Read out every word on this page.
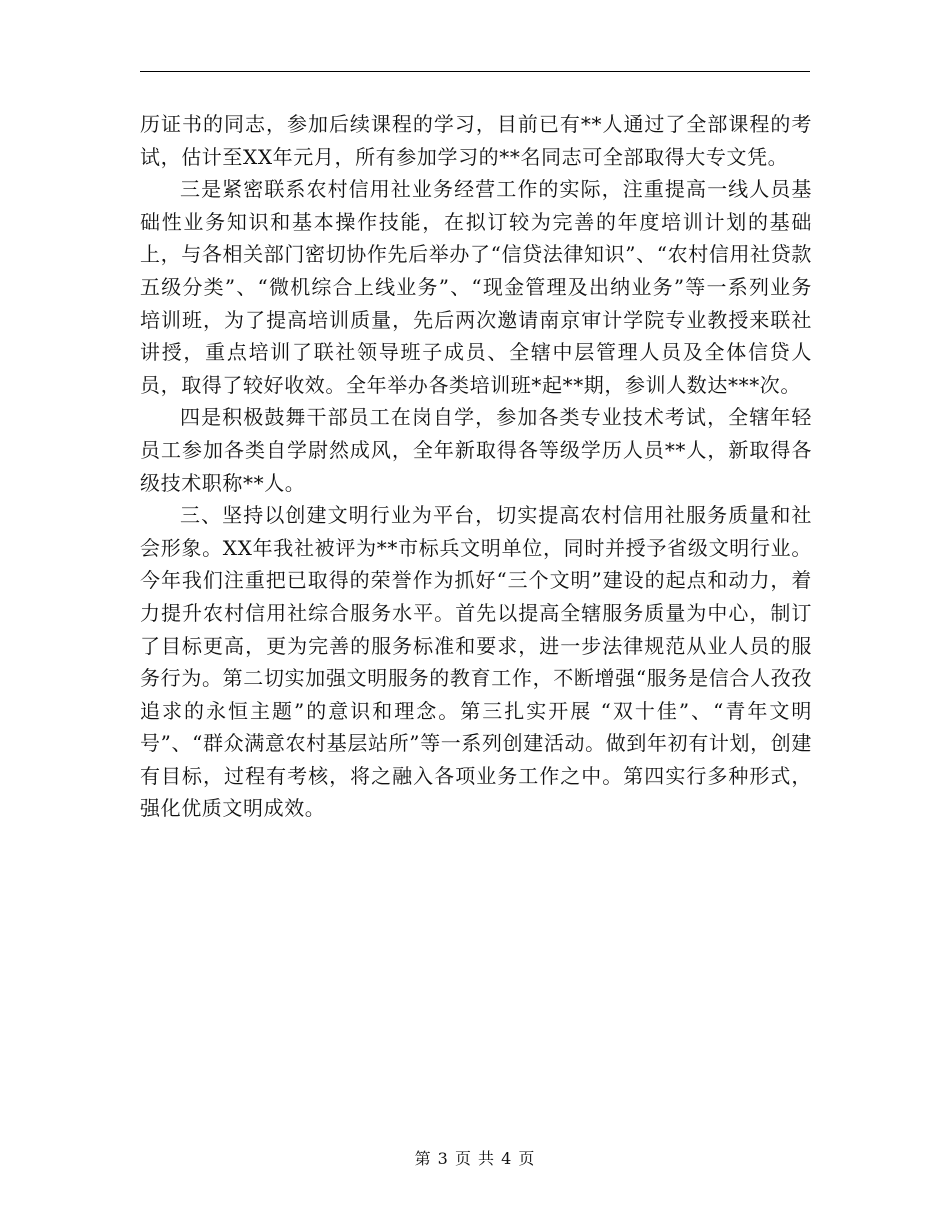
历证书的同志，参加后续课程的学习，目前已有**人通过了全部课程的考试，估计至XX年元月，所有参加学习的**名同志可全部取得大专文凭。

三是紧密联系农村信用社业务经营工作的实际，注重提高一线人员基础性业务知识和基本操作技能，在拟订较为完善的年度培训计划的基础上，与各相关部门密切协作先后举办了“信贷法律知识”、“农村信用社贷款五级分类”、“微机综合上线业务”、“现金管理及出纳业务”等一系列业务培训班，为了提高培训质量，先后两次邀请南京审计学院专业教授来联社讲授，重点培训了联社领导班子成员、全辖中层管理人员及全体信贷人员，取得了较好收效。全年举办各类培训班*起**期，参训人数达***次。

四是积极鼓舞干部员工在岗自学，参加各类专业技术考试，全辖年轻员工参加各类自学尉然成风，全年新取得各等级学历人员**人，新取得各级技术职称**人。

三、坚持以创建文明行业为平台，切实提高农村信用社服务质量和社会形象。XX年我社被评为**市标兵文明单位，同时并授予省级文明行业。今年我们注重把已取得的荣誉作为抓好“三个文明”建设的起点和动力，着力提升农村信用社综合服务水平。首先以提高全辖服务质量为中心，制订了目标更高，更为完善的服务标准和要求，进一步法律规范从业人员的服务行为。第二切实加强文明服务的教育工作，不断增强“服务是信合人孜孜追求的永恒主题”的意识和理念。第三扎实开展 “双十佳”、“青年文明号”、“群众满意农村基层站所”等一系列创建活动。做到年初有计划，创建有目标，过程有考核，将之融入各项业务工作之中。第四实行多种形式，强化优质文明成效。

第 3 页 共 4 页
